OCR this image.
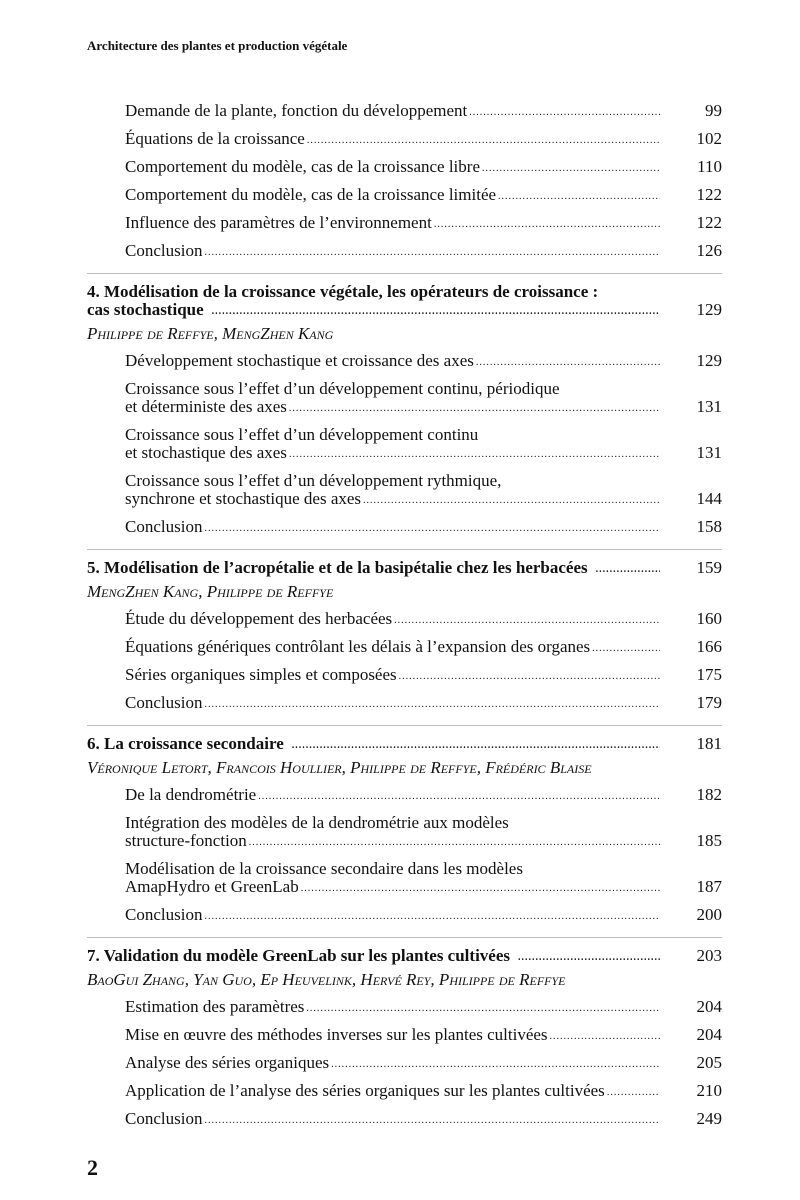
Architecture des plantes et production végétale
Demande de la plante, fonction du développement .....	99
Équations de la croissance .....	102
Comportement du modèle, cas de la croissance libre .....	110
Comportement du modèle, cas de la croissance limitée .....	122
Influence des paramètres de l’environnement .....	122
Conclusion .....	126
4. Modélisation de la croissance végétale, les opérateurs de croissance :
cas stochastique .....	129
Philippe de Reffye, MengZhen Kang
Développement stochastique et croissance des axes .....	129
Croissance sous l’effet d’un développement continu, périodique
et déterministe des axes .....	131
Croissance sous l’effet d’un développement continu
et stochastique des axes .....	131
Croissance sous l’effet d’un développement rythmique,
synchrone et stochastique des axes .....	144
Conclusion .....	158
5. Modélisation de l’acropétalie et de la basipétalie chez les herbacées .....	159
MengZhen Kang, Philippe de Reffye
Étude du développement des herbacées .....	160
Équations génériques contrôlant les délais à l’expansion des organes .....	166
Séries organiques simples et composées .....	175
Conclusion .....	179
6. La croissance secondaire .....	181
Véronique Letort, Francois Houllier, Philippe de Reffye, Frédéric Blaise
De la dendrométrie .....	182
Intégration des modèles de la dendrométrie aux modèles
structure-fonction .....	185
Modélisation de la croissance secondaire dans les modèles
AmapHydro et GreenLab .....	187
Conclusion .....	200
7. Validation du modèle GreenLab sur les plantes cultivées .....	203
BaoGui Zhang, Yan Guo, Ep Heuvelink, Hervé Rey, Philippe de Reffye
Estimation des paramètres .....	204
Mise en œuvre des méthodes inverses sur les plantes cultivées .....	204
Analyse des séries organiques .....	205
Application de l’analyse des séries organiques sur les plantes cultivées .....	210
Conclusion .....	249
2
